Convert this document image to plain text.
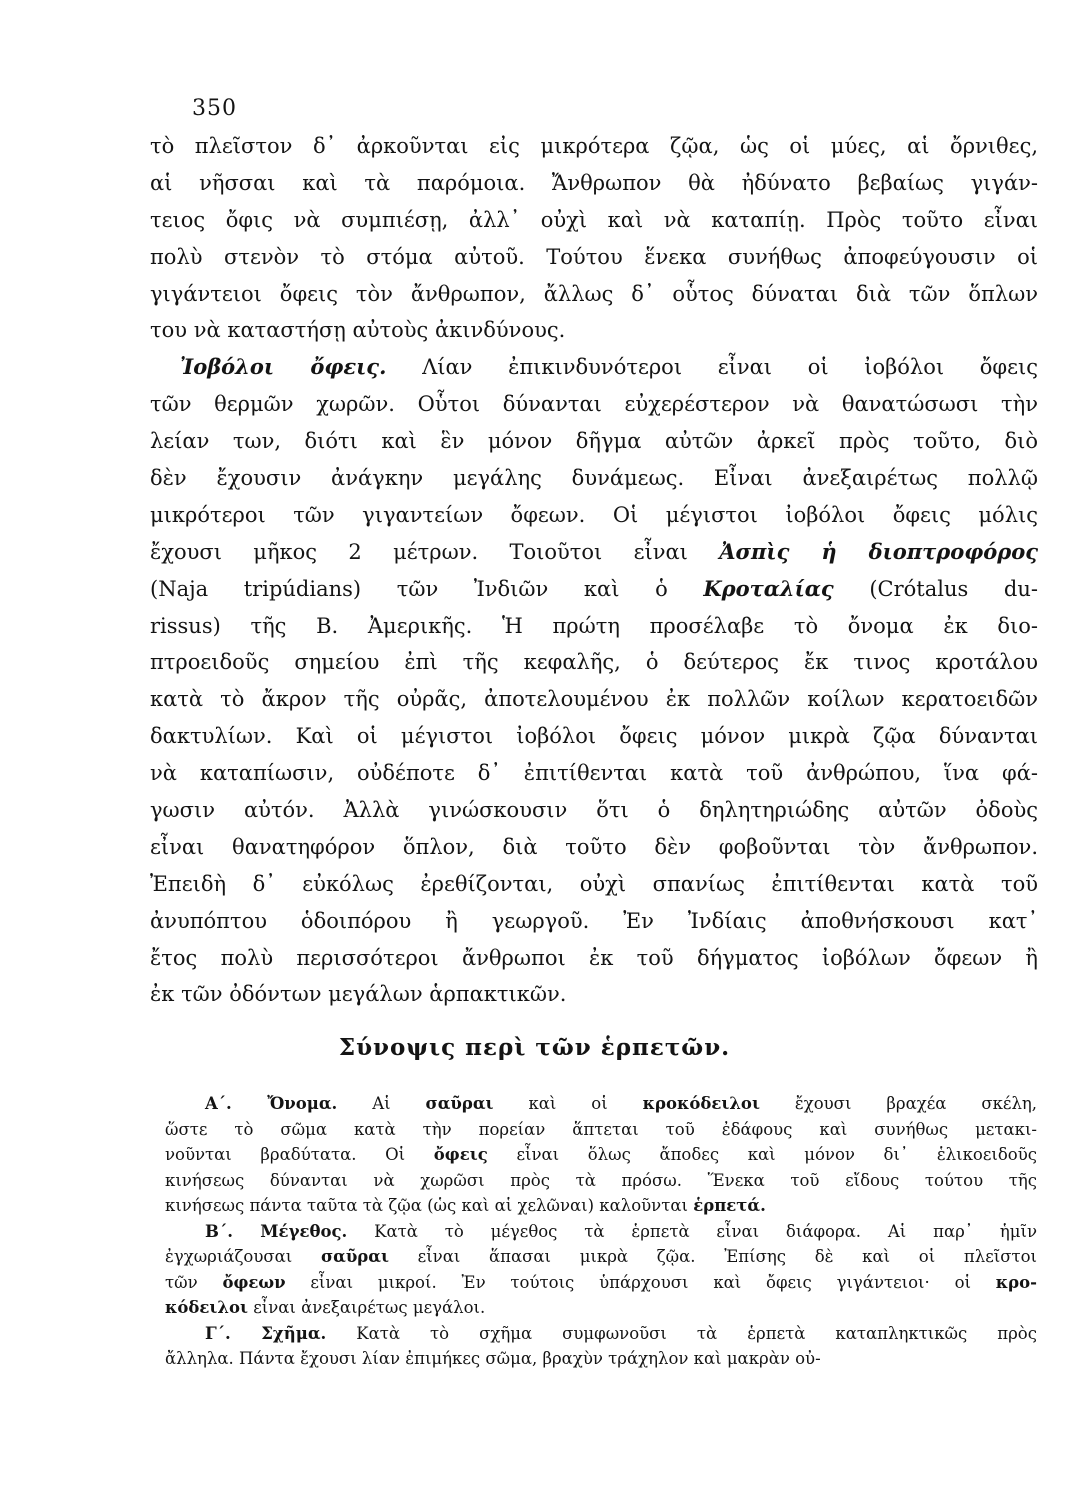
350
τὸ πλεῖστον δ᾽ ἀρκοῦνται εἰς μικρότερα ζῷα, ὡς οἱ μύες, αἱ ὄρνιθες,
αἱ νῆσσαι καὶ τὰ παρόμοια. Ἄνθρωπον θὰ ἠδύνατο βεβαίως γιγάν-
τειος ὄφις νὰ συμπιέσῃ, ἀλλ᾽ οὐχὶ καὶ νὰ καταπίῃ. Πρὸς τοῦτο εἶναι
πολὺ στενὸν τὸ στόμα αὐτοῦ. Τούτου ἕνεκα συνήθως ἀποφεύγουσιν οἱ
γιγάντειοι ὄφεις τὸν ἄνθρωπον, ἄλλως δ᾽ οὗτος δύναται διὰ τῶν ὅπλων
του νὰ καταστήσῃ αὐτοὺς ἀκινδύνους.
Ἰοβόλοι ὄφεις. Λίαν ἐπικινδυνότεροι εἶναι οἱ ἰοβόλοι ὄφεις
τῶν θερμῶν χωρῶν. Οὗτοι δύνανται εὐχερέστερον νὰ θανατώσωσι τὴν
λείαν των, διότι καὶ ἓν μόνον δῆγμα αὐτῶν ἀρκεῖ πρὸς τοῦτο, διὸ
δὲν ἔχουσιν ἀνάγκην μεγάλης δυνάμεως. Εἶναι ἀνεξαιρέτως πολλῷ
μικρότεροι τῶν γιγαντείων ὄφεων. Οἱ μέγιστοι ἰοβόλοι ὄφεις μόλις
ἔχουσι μῆκος 2 μέτρων. Τοιοῦτοι εἶναι Ἀσπὶς ἡ διοπτροφόρος
(Naja tripúdians) τῶν Ἰνδιῶν καὶ ὁ Κροταλίας (Crótalus du-
rissus) τῆς Β. Ἀμερικῆς. Ἡ πρώτη προσέλαβε τὸ ὄνομα ἐκ διο-
πτροειδοῦς σημείου ἐπὶ τῆς κεφαλῆς, ὁ δεύτερος ἔκ τινος κροτάλου
κατὰ τὸ ἄκρον τῆς οὐρᾶς, ἀποτελουμένου ἐκ πολλῶν κοίλων κερατοειδῶν
δακτυλίων. Καὶ οἱ μέγιστοι ἰοβόλοι ὄφεις μόνον μικρὰ ζῷα δύνανται
νὰ καταπίωσιν, οὐδέποτε δ᾽ ἐπιτίθενται κατὰ τοῦ ἀνθρώπου, ἵνα φά-
γωσιν αὐτόν. Ἀλλὰ γινώσκουσιν ὅτι ὁ δηλητηριώδης αὐτῶν ὀδοὺς
εἶναι θανατηφόρον ὅπλον, διὰ τοῦτο δὲν φοβοῦνται τὸν ἄνθρωπον.
Ἐπειδὴ δ᾽ εὐκόλως ἐρεθίζονται, οὐχὶ σπανίως ἐπιτίθενται κατὰ τοῦ
ἀνυπόπτου ὁδοιπόρου ἢ γεωργοῦ. Ἐν Ἰνδίαις ἀποθνήσκουσι κατ᾽
ἔτος πολὺ περισσότεροι ἄνθρωποι ἐκ τοῦ δήγματος ἰοβόλων ὄφεων ἢ
ἐκ τῶν ὀδόντων μεγάλων ἁρπακτικῶν.
Σύνοψις περὶ τῶν ἑρπετῶν.
Α΄. Ὄνομα. Αἱ σαῦραι καὶ οἱ κροκόδειλοι ἔχουσι βραχέα σκέλη,
ὥστε τὸ σῶμα κατὰ τὴν πορείαν ἅπτεται τοῦ ἐδάφους καὶ συνήθως μετακι-
νοῦνται βραδύτατα. Οἱ ὄφεις εἶναι ὅλως ἄποδες καὶ μόνον δι᾽ ἑλικοειδοῦς
κινήσεως δύνανται νὰ χωρῶσι πρὸς τὰ πρόσω. Ἕνεκα τοῦ εἴδους τούτου τῆς
κινήσεως πάντα ταῦτα τὰ ζῷα (ὡς καὶ αἱ χελῶναι) καλοῦνται ἑρπετά.
Β΄. Μέγεθος. Κατὰ τὸ μέγεθος τὰ ἑρπετὰ εἶναι διάφορα. Αἱ παρ᾽ ἡμῖν
ἐγχωριάζουσαι σαῦραι εἶναι ἅπασαι μικρὰ ζῷα. Ἐπίσης δὲ καὶ οἱ πλεῖστοι
τῶν ὄφεων εἶναι μικροί. Ἐν τούτοις ὑπάρχουσι καὶ ὄφεις γιγάντειοι· οἱ κρο-
κόδειλοι εἶναι ἀνεξαιρέτως μεγάλοι.
Γ΄. Σχῆμα. Κατὰ τὸ σχῆμα συμφωνοῦσι τὰ ἑρπετὰ καταπληκτικῶς πρὸς
ἄλληλα. Πάντα ἔχουσι λίαν ἐπιμήκες σῶμα, βραχὺν τράχηλον καὶ μακρὰν οὐ-
